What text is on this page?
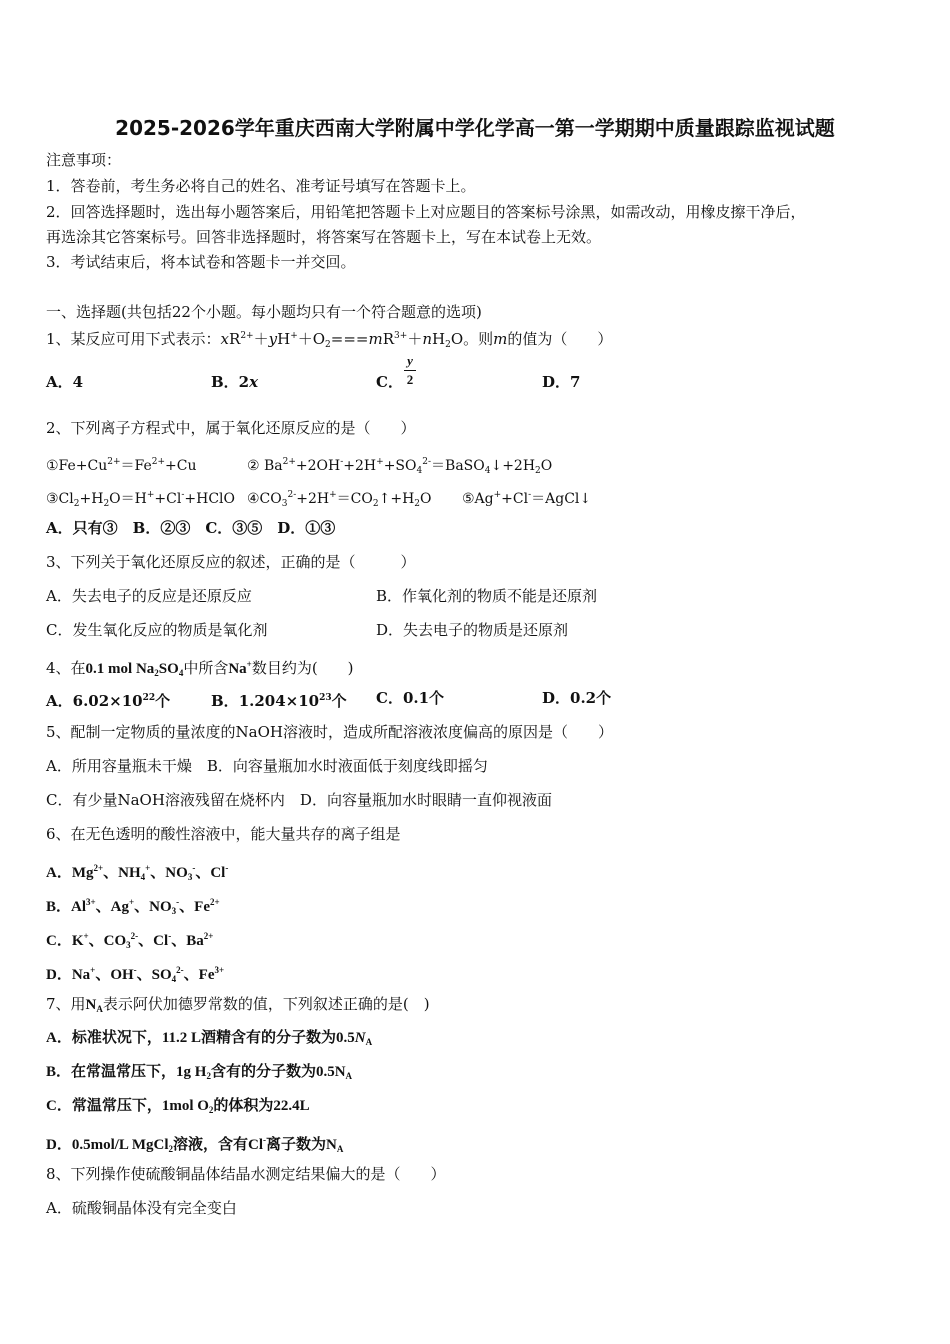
2025-2026学年重庆西南大学附属中学化学高一第一学期期中质量跟踪监视试题
注意事项：
1．答卷前，考生务必将自己的姓名、准考证号填写在答题卡上。
2．回答选择题时，选出每小题答案后，用铅笔把答题卡上对应题目的答案标号涂黑，如需改动，用橡皮擦干净后，
再选涂其它答案标号。回答非选择题时，将答案写在答题卡上，写在本试卷上无效。
3．考试结束后，将本试卷和答题卡一并交回。
一、选择题(共包括22个小题。每小题均只有一个符合题意的选项)
1、某反应可用下式表示：$xR^{2+}+yH^++O_2===mR^{3+}+nH_2O$。则m的值为（　　）
A．4	B．2x	C．
y
2	D．7
2、下列离子方程式中，属于氧化还原反应的是（　　）
$①Fe+Cu^{2+}=Fe^{2+}+Cu$	② $Ba^{2+}+2OH^-+2H^++SO_4^{2-}=BaSO_4↓+2H_2O$
$③Cl_2+H_2O=H^++Cl^-+HClO$ $④CO_3^{2-}+2H^+=CO_2↑+H_2O$ ⑤Ag++Cl-＝AgCl↓
A．只有③　B．②③　C．③⑤　D．①③
3、下列关于氧化还原反应的叙述，正确的是（　　　）
A．失去电子的反应是还原反应	B．作氧化剂的物质不能是还原剂
C．发生氧化反应的物质是氧化剂	D．失去电子的物质是还原剂
4、在0.1 mol $Na_2SO_4$中所含Na+数目约为(　　)
A．$6.02\times 10^{22}$个	B．$1.204\times 10^{23}$个 C．0.1个	D．0.2个
5、配制一定物质的量浓度的NaOH溶液时，造成所配溶液浓度偏高的原因是（　　）
A．所用容量瓶未干燥　B．向容量瓶加水时液面低于刻度线即摇匀
C．有少量NaOH溶液残留在烧杯内　D．向容量瓶加水时眼睛一直仰视液面
6、在无色透明的酸性溶液中，能大量共存的离子组是
A．$Mg^{2+}$、$NH_4^+$、$NO_3^-$、Cl-
B．$Al^{3+}$、Ag+、$NO_3^-$、$Fe^{2+}$
C．K+、$CO_3^{2-}$、Cl-、$Ba^{2+}$
D．Na+、OH-、$SO_4^{2-}$、$Fe^{3+}$
7、用$N_A$表示阿伏加德罗常数的值，下列叙述正确的是(　)
A．标准状况下，11.2 L酒精含有的分子数为$0.5N_A$
B．在常温常压下，1g $H_2$含有的分子数为$0.5N_A$
C．常温常压下，1mol $O_2$的体积为22.4L
D．0.5mol/L MgCl$_2$溶液，含有Cl-离子数为$N_A$
8、下列操作使硫酸铜晶体结晶水测定结果偏大的是（　　）
A．硫酸铜晶体没有完全变白
